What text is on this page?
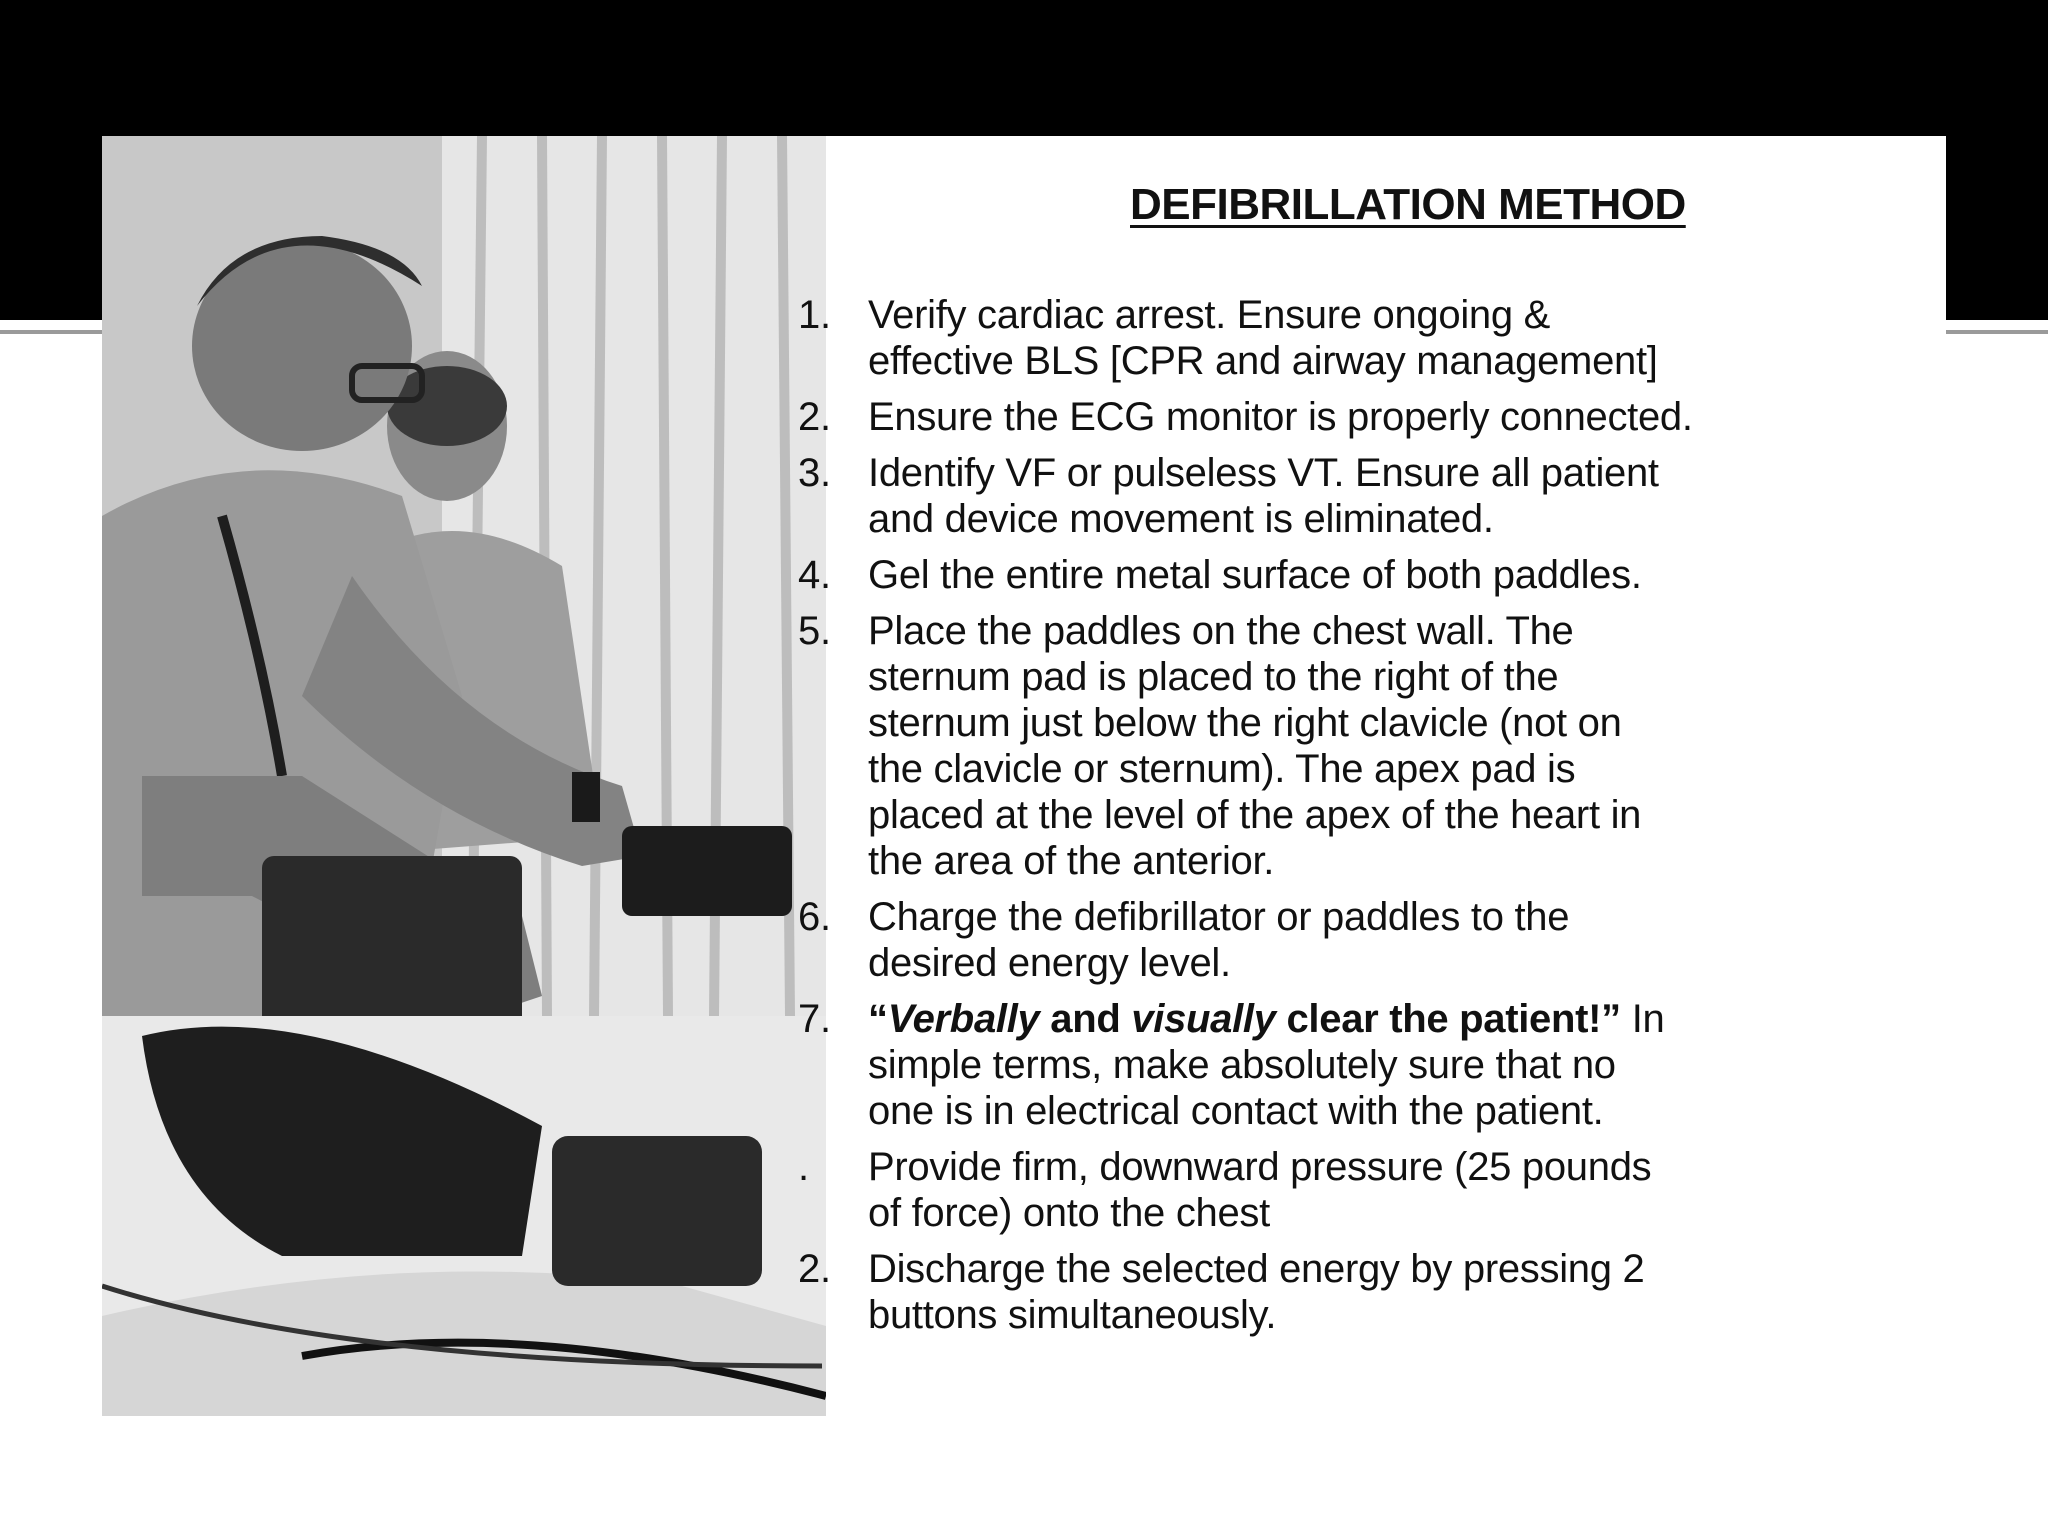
DEFIBRILLATION METHOD
1. Verify cardiac arrest. Ensure ongoing &
effective BLS [CPR and airway management]
2. Ensure the ECG monitor is properly connected.
3. Identify VF or pulseless VT. Ensure all patient
and device movement is eliminated.
4. Gel the entire metal surface of both paddles.
5. Place the paddles on the chest wall. The
sternum pad is placed to the right of the
sternum just below the right clavicle (not on
the clavicle or sternum). The apex pad is
placed at the level of the apex of the heart in
the area of the anterior.
6. Charge the defibrillator or paddles to the
desired energy level.
7. “Verbally and visually clear the patient!” In
simple terms, make absolutely sure that no
one is in electrical contact with the patient.
.	Provide firm, downward pressure (25 pounds
of force) onto the chest
2. Discharge the selected energy by pressing 2
buttons simultaneously.
